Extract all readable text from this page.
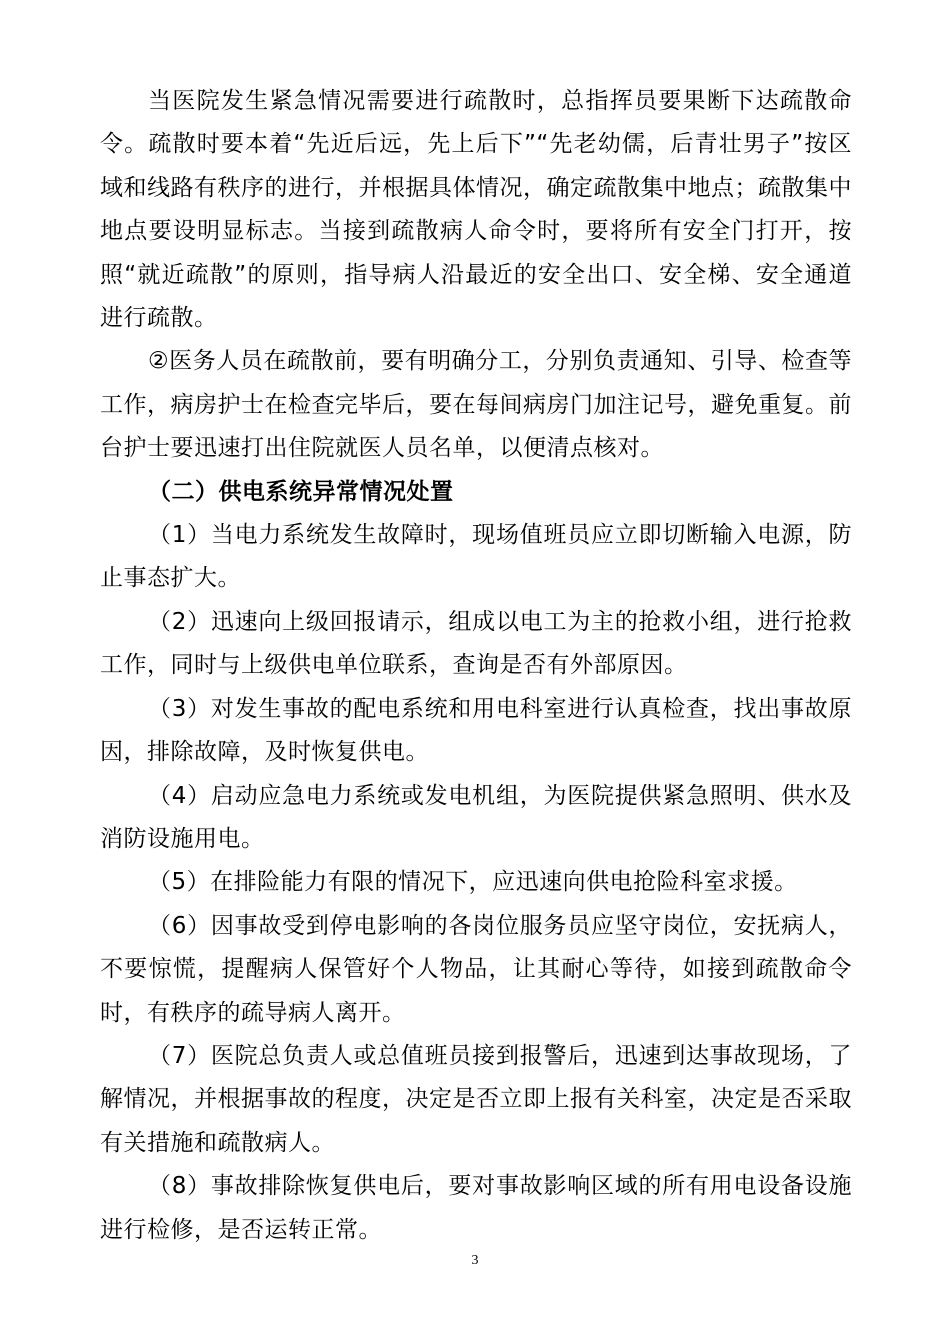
当医院发生紧急情况需要进行疏散时，总指挥员要果断下达疏散命令。疏散时要本着“先近后远，先上后下”“先老幼儒，后青壮男子”按区域和线路有秩序的进行，并根据具体情况，确定疏散集中地点；疏散集中地点要设明显标志。当接到疏散病人命令时，要将所有安全门打开，按照“就近疏散”的原则，指导病人沿最近的安全出口、安全梯、安全通道进行疏散。

②医务人员在疏散前，要有明确分工，分别负责通知、引导、检查等工作，病房护士在检查完毕后，要在每间病房门加注记号，避免重复。前台护士要迅速打出住院就医人员名单，以便清点核对。

（二）供电系统异常情况处置

（1）当电力系统发生故障时，现场值班员应立即切断输入电源，防止事态扩大。

（2）迅速向上级回报请示，组成以电工为主的抢救小组，进行抢救工作，同时与上级供电单位联系，查询是否有外部原因。

（3）对发生事故的配电系统和用电科室进行认真检查，找出事故原因，排除故障，及时恢复供电。

（4）启动应急电力系统或发电机组，为医院提供紧急照明、供水及消防设施用电。

（5）在排险能力有限的情况下，应迅速向供电抢险科室求援。

（6）因事故受到停电影响的各岗位服务员应坚守岗位，安抚病人，不要惊慌，提醒病人保管好个人物品，让其耐心等待，如接到疏散命令时，有秩序的疏导病人离开。

（7）医院总负责人或总值班员接到报警后，迅速到达事故现场，了解情况，并根据事故的程度，决定是否立即上报有关科室，决定是否采取有关措施和疏散病人。

（8）事故排除恢复供电后，要对事故影响区域的所有用电设备设施进行检修，是否运转正常。

3
